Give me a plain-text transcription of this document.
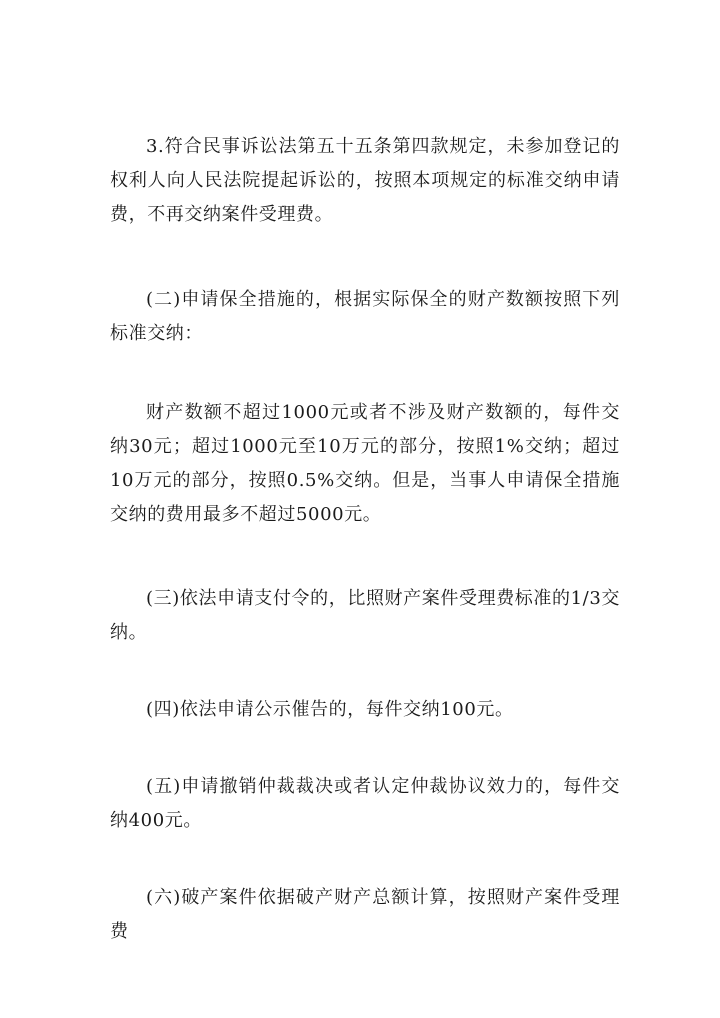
3.符合民事诉讼法第五十五条第四款规定，未参加登记的权利人向人民法院提起诉讼的，按照本项规定的标准交纳申请费，不再交纳案件受理费。

(二)申请保全措施的，根据实际保全的财产数额按照下列标准交纳：

财产数额不超过1000元或者不涉及财产数额的，每件交纳30元；超过1000元至10万元的部分，按照1%交纳；超过10万元的部分，按照0.5%交纳。但是，当事人申请保全措施交纳的费用最多不超过5000元。

(三)依法申请支付令的，比照财产案件受理费标准的1/3交纳。

(四)依法申请公示催告的，每件交纳100元。

(五)申请撤销仲裁裁决或者认定仲裁协议效力的，每件交纳400元。

(六)破产案件依据破产财产总额计算，按照财产案件受理费
